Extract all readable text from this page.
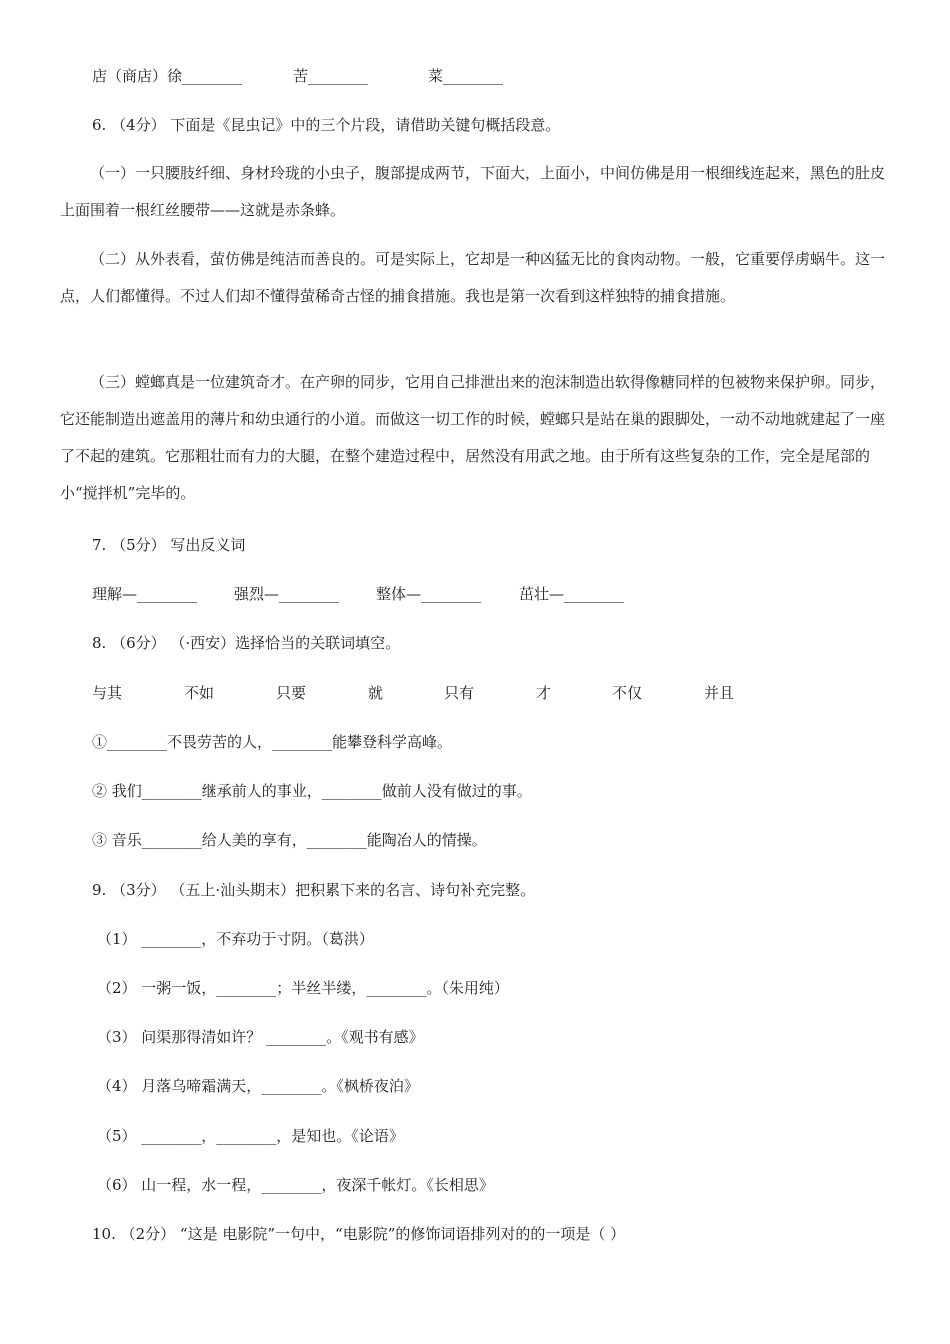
店（商店）徐________	苦________	菜________
6. （4分） 下面是《昆虫记》中的三个片段，请借助关键句概括段意。
（一）一只腰肢纤细、身材玲珑的小虫子，腹部提成两节，下面大，上面小，中间仿佛是用一根细线连起来，黑色的肚皮上面围着一根红丝腰带——这就是赤条蜂。
（二）从外表看，萤仿佛是纯洁而善良的。可是实际上，它却是一种凶猛无比的食肉动物。一般，它重要俘虏蜗牛。这一点，人们都懂得。不过人们却不懂得萤稀奇古怪的捕食措施。我也是第一次看到这样独特的捕食措施。
（三）螳螂真是一位建筑奇才。在产卵的同步，它用自己排泄出来的泡沫制造出软得像糖同样的包被物来保护卵。同步，它还能制造出遮盖用的薄片和幼虫通行的小道。而做这一切工作的时候，螳螂只是站在巢的跟脚处，一动不动地就建起了一座了不起的建筑。它那粗壮而有力的大腿，在整个建造过程中，居然没有用武之地。由于所有这些复杂的工作，完全是尾部的小“搅拌机”完毕的。
7. （5分） 写出反义词
理解—________ 强烈—________ 整体—________	茁壮—________
8. （6分） （·西安）选择恰当的关联词填空。
与其	不如	只要	就	只有	才	不仅	并且
①________不畏劳苦的人，________能攀登科学高峰。
② 我们________继承前人的事业，________做前人没有做过的事。
③ 音乐________给人美的享有，________能陶冶人的情操。
9. （3分） （五上·汕头期末）把积累下来的名言、诗句补充完整。
（1） ________，不弃功于寸阴。（葛洪）
（2） 一粥一饭，________；半丝半缕，________。（朱用纯）
（3） 问渠那得清如许？ ________。《观书有感》
（4） 月落乌啼霜满天，________。《枫桥夜泊》
（5） ________，________，是知也。《论语》
（6） 山一程，水一程，________，夜深千帐灯。《长相思》
10. （2分） “这是 电影院”一句中，“电影院”的修饰词语排列对的的一项是（ ）
